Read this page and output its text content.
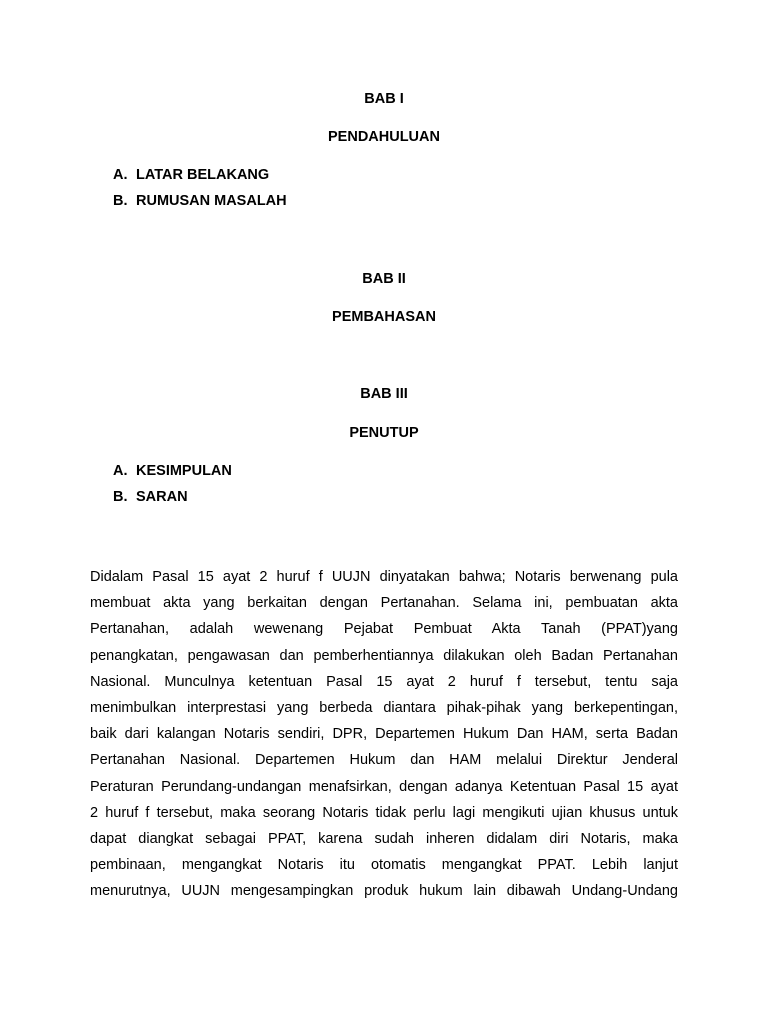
BAB I
PENDAHULUAN
A. LATAR BELAKANG
B. RUMUSAN MASALAH
BAB II
PEMBAHASAN
BAB III
PENUTUP
A. KESIMPULAN
B. SARAN
Didalam Pasal 15 ayat 2 huruf f UUJN dinyatakan bahwa; Notaris berwenang pula
membuat akta yang berkaitan dengan Pertanahan. Selama ini, pembuatan akta
Pertanahan, adalah wewenang Pejabat Pembuat Akta Tanah (PPAT)yang
penangkatan, pengawasan dan pemberhentiannya dilakukan oleh Badan Pertanahan
Nasional. Munculnya ketentuan Pasal 15 ayat 2 huruf f tersebut, tentu saja
menimbulkan interprestasi yang berbeda diantara pihak-pihak yang berkepentingan,
baik dari kalangan Notaris sendiri, DPR, Departemen Hukum Dan HAM, serta Badan
Pertanahan Nasional. Departemen Hukum dan HAM melalui Direktur Jenderal
Peraturan Perundang-undangan menafsirkan, dengan adanya Ketentuan Pasal 15 ayat
2 huruf f tersebut, maka seorang Notaris tidak perlu lagi mengikuti ujian khusus untuk
dapat diangkat sebagai PPAT, karena sudah inheren didalam diri Notaris, maka
pembinaan, mengangkat Notaris itu otomatis mengangkat PPAT. Lebih lanjut
menurutnya, UUJN mengesampingkan produk hukum lain dibawah Undang-Undang
